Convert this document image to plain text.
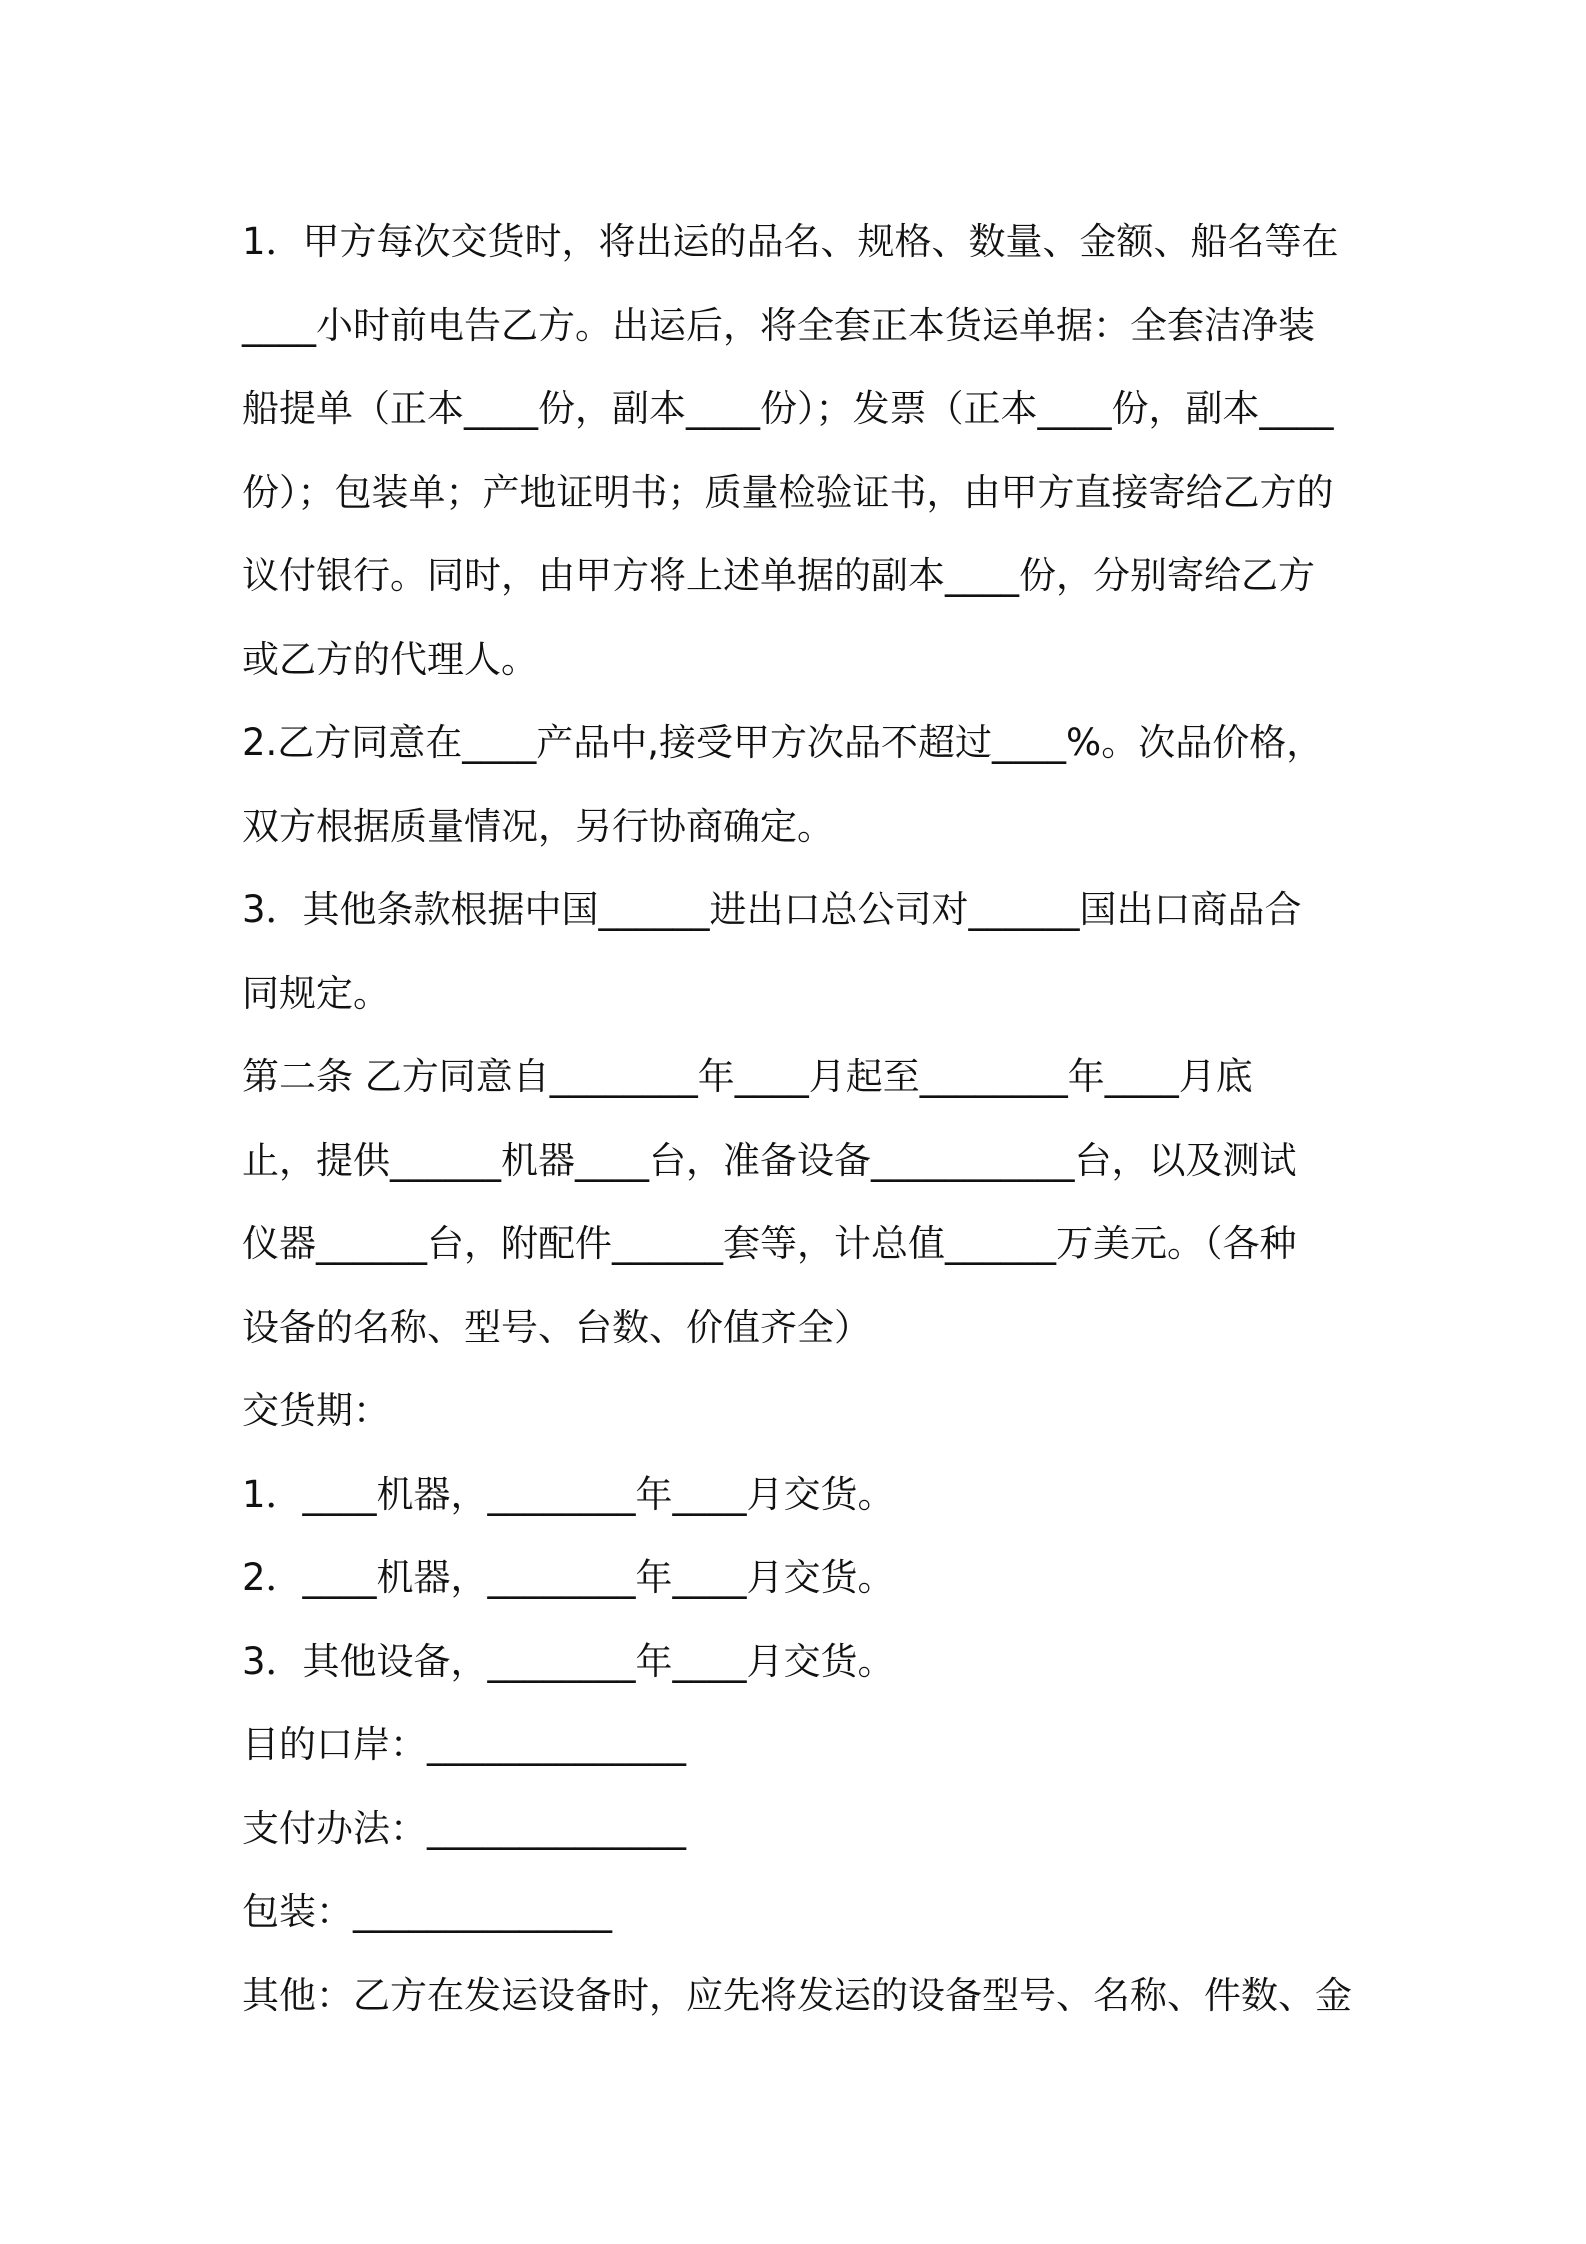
1．甲方每次交货时，将出运的品名、规格、数量、金额、船名等在
____小时前电告乙方。出运后，将全套正本货运单据：全套洁净装
船提单（正本____份，副本____份）；发票（正本____份，副本____
份）；包装单；产地证明书；质量检验证书，由甲方直接寄给乙方的
议付银行。同时，由甲方将上述单据的副本____份，分别寄给乙方
或乙方的代理人。
2.乙方同意在____产品中,接受甲方次品不超过____%。次品价格，
双方根据质量情况，另行协商确定。
3．其他条款根据中国______进出口总公司对______国出口商品合
同规定。
第二条 乙方同意自________年____月起至________年____月底
止，提供______机器____台，准备设备___________台，以及测试
仪器______台，附配件______套等，计总值______万美元。（各种
设备的名称、型号、台数、价值齐全）
交货期：
1．____机器，________年____月交货。
2．____机器，________年____月交货。
3．其他设备，________年____月交货。
目的口岸：______________
支付办法：______________
包装：______________
其他：乙方在发运设备时，应先将发运的设备型号、名称、件数、金
